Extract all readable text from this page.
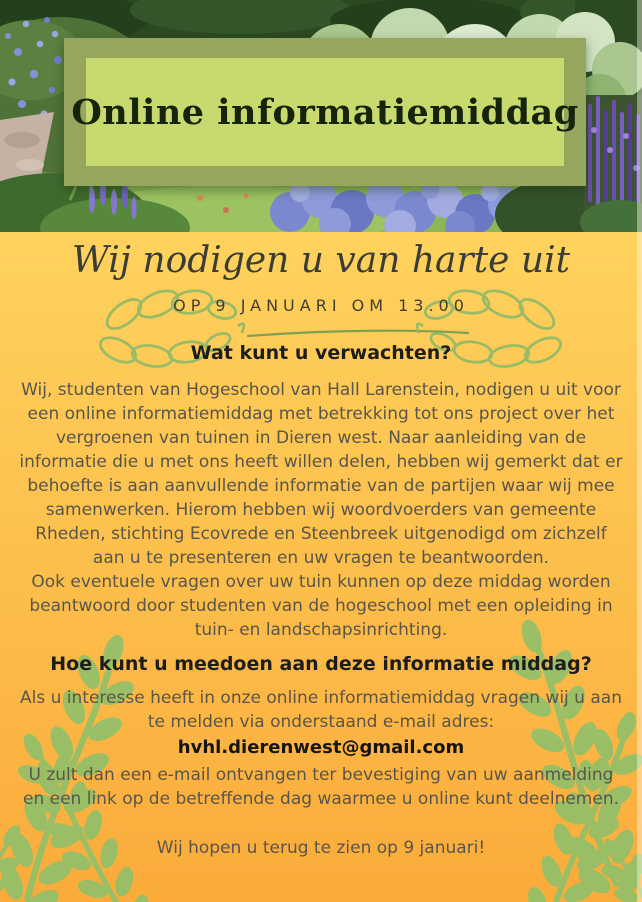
Online informatiemiddag
Wij nodigen u van harte uit
OP 9 JANUARI OM 13.00
Wat kunt u verwachten?
Wij, studenten van Hogeschool van Hall Larenstein, nodigen u uit voor een online informatiemiddag met betrekking tot ons project over het vergroenen van tuinen in Dieren west. Naar aanleiding van de informatie die u met ons heeft willen delen, hebben wij gemerkt dat er behoefte is aan aanvullende informatie van de partijen waar wij mee samenwerken. Hierom hebben wij woordvoerders van gemeente Rheden, stichting Ecovrede en Steenbreek uitgenodigd om zichzelf aan u te presenteren en uw vragen te beantwoorden.
Ook eventuele vragen over uw tuin kunnen op deze middag worden beantwoord door studenten van de hogeschool met een opleiding in tuin- en landschapsinrichting.
Hoe kunt u meedoen aan deze informatie middag?
Als u interesse heeft in onze online informatiemiddag vragen wij u aan te melden via onderstaand e-mail adres:
hvhl.dierenwest@gmail.com
U zult dan een e-mail ontvangen ter bevestiging van uw aanmelding en een link op de betreffende dag waarmee u online kunt deelnemen.
Wij hopen u terug te zien op 9 januari!
